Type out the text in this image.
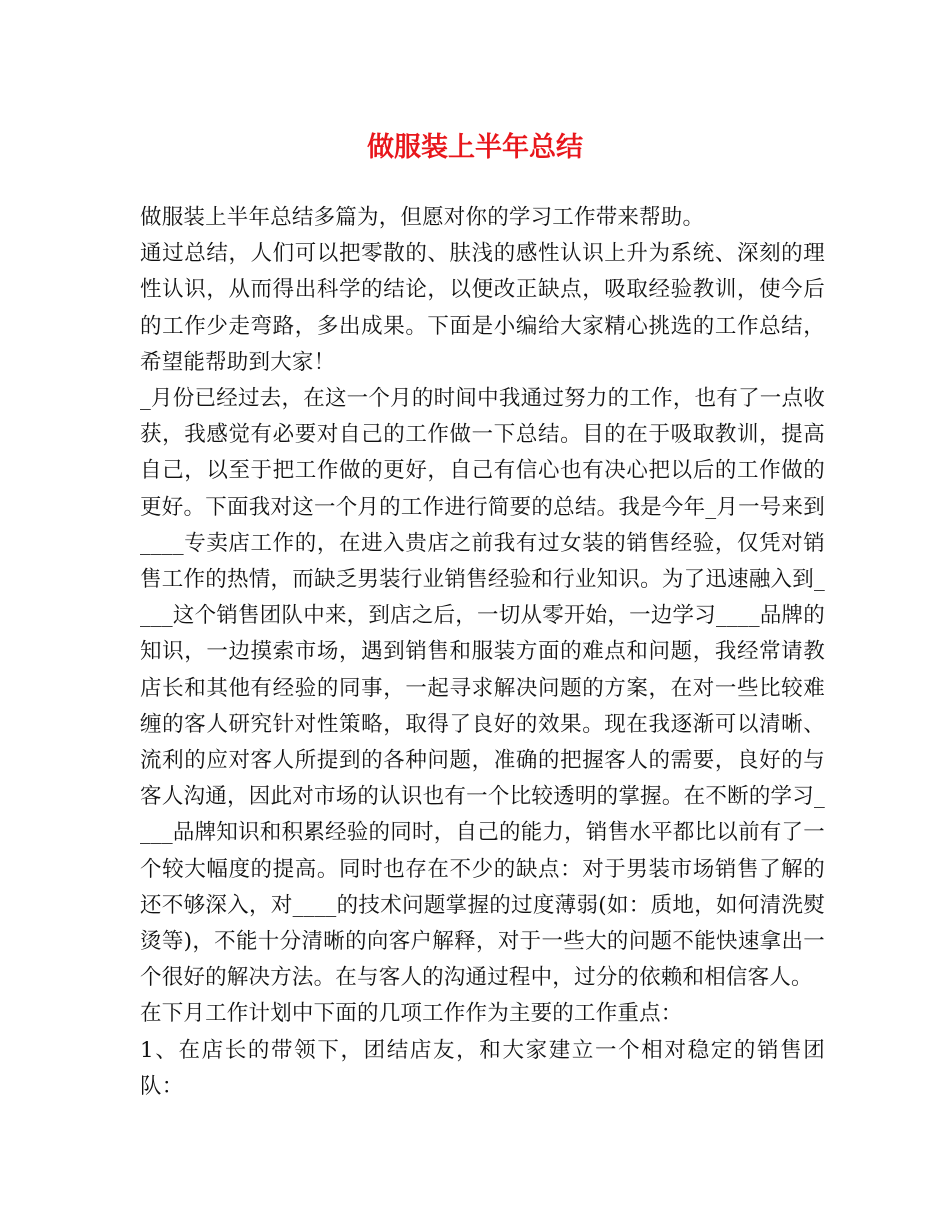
做服装上半年总结

做服装上半年总结多篇为，但愿对你的学习工作带来帮助。

通过总结，人们可以把零散的、肤浅的感性认识上升为系统、深刻的理性认识，从而得出科学的结论，以便改正缺点，吸取经验教训，使今后的工作少走弯路，多出成果。下面是小编给大家精心挑选的工作总结，希望能帮助到大家！

_月份已经过去，在这一个月的时间中我通过努力的工作，也有了一点收获，我感觉有必要对自己的工作做一下总结。目的在于吸取教训，提高自己，以至于把工作做的更好，自己有信心也有决心把以后的工作做的更好。下面我对这一个月的工作进行简要的总结。我是今年_月一号来到____专卖店工作的，在进入贵店之前我有过女装的销售经验，仅凭对销售工作的热情，而缺乏男装行业销售经验和行业知识。为了迅速融入到____这个销售团队中来，到店之后，一切从零开始，一边学习____品牌的知识，一边摸索市场，遇到销售和服装方面的难点和问题，我经常请教店长和其他有经验的同事，一起寻求解决问题的方案，在对一些比较难缠的客人研究针对性策略，取得了良好的效果。现在我逐渐可以清晰、流利的应对客人所提到的各种问题，准确的把握客人的需要，良好的与客人沟通，因此对市场的认识也有一个比较透明的掌握。在不断的学习____品牌知识和积累经验的同时，自己的能力，销售水平都比以前有了一个较大幅度的提高。同时也存在不少的缺点：对于男装市场销售了解的还不够深入，对____的技术问题掌握的过度薄弱(如：质地，如何清洗熨烫等)，不能十分清晰的向客户解释，对于一些大的问题不能快速拿出一个很好的解决方法。在与客人的沟通过程中，过分的依赖和相信客人。

在下月工作计划中下面的几项工作作为主要的工作重点：

1、在店长的带领下，团结店友，和大家建立一个相对稳定的销售团队：
